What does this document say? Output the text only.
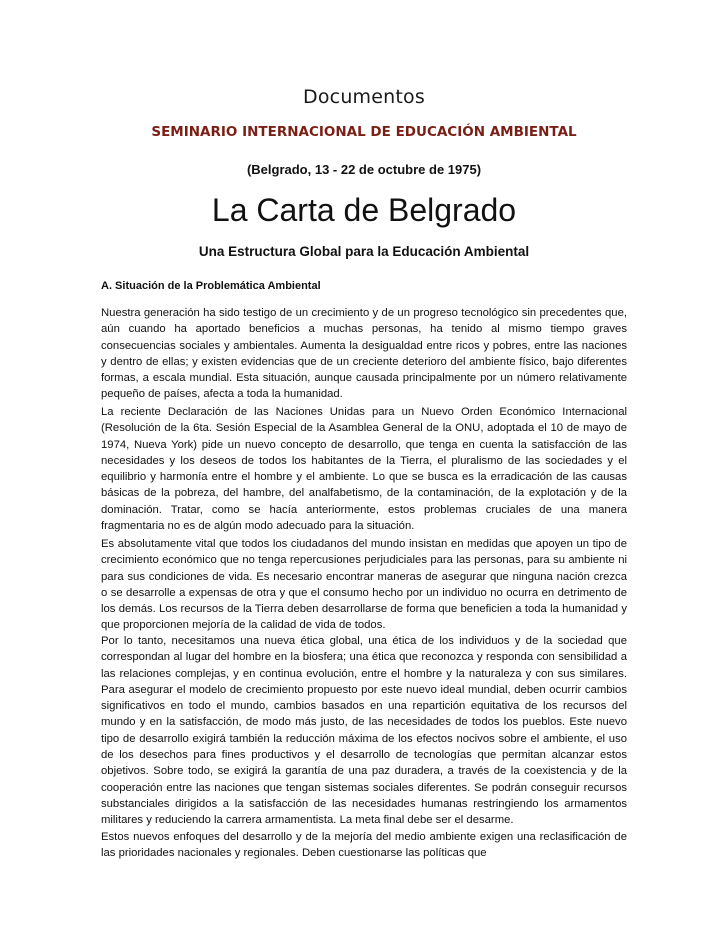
Documentos
SEMINARIO INTERNACIONAL DE EDUCACIÓN AMBIENTAL
(Belgrado, 13 - 22 de octubre de 1975)
La Carta de Belgrado
Una Estructura Global para la Educación Ambiental
A. Situación de la Problemática Ambiental

Nuestra generación ha sido testigo de un crecimiento y de un progreso tecnológico sin precedentes que, aún cuando ha aportado beneficios a muchas personas, ha tenido al mismo tiempo graves consecuencias sociales y ambientales. Aumenta la desigualdad entre ricos y pobres, entre las naciones y dentro de ellas; y existen evidencias que de un creciente deterioro del ambiente físico, bajo diferentes formas, a escala mundial. Esta situación, aunque causada principalmente por un número relativamente pequeño de países, afecta a toda la humanidad.

La reciente Declaración de las Naciones Unidas para un Nuevo Orden Económico Internacional (Resolución de la 6ta. Sesión Especial de la Asamblea General de la ONU, adoptada el 10 de mayo de 1974, Nueva York) pide un nuevo concepto de desarrollo, que tenga en cuenta la satisfacción de las necesidades y los deseos de todos los habitantes de la Tierra, el pluralismo de las sociedades y el equilibrio y harmonía entre el hombre y el ambiente. Lo que se busca es la erradicación de las causas básicas de la pobreza, del hambre, del analfabetismo, de la contaminación, de la explotación y de la dominación. Tratar, como se hacía anteriormente, estos problemas cruciales de una manera fragmentaria no es de algún modo adecuado para la situación.

Es absolutamente vital que todos los ciudadanos del mundo insistan en medidas que apoyen un tipo de crecimiento económico que no tenga repercusiones perjudiciales para las personas, para su ambiente ni para sus condiciones de vida. Es necesario encontrar maneras de asegurar que ninguna nación crezca o se desarrolle a expensas de otra y que el consumo hecho por un individuo no ocurra en detrimento de los demás. Los recursos de la Tierra deben desarrollarse de forma que beneficien a toda la humanidad y que proporcionen mejoría de la calidad de vida de todos.

Por lo tanto, necesitamos una nueva ética global, una ética de los individuos y de la sociedad que correspondan al lugar del hombre en la biosfera; una ética que reconozca y responda con sensibilidad a las relaciones complejas, y en continua evolución, entre el hombre y la naturaleza y con sus similares. Para asegurar el modelo de crecimiento propuesto por este nuevo ideal mundial, deben ocurrir cambios significativos en todo el mundo, cambios basados en una repartición equitativa de los recursos del mundo y en la satisfacción, de modo más justo, de las necesidades de todos los pueblos. Este nuevo tipo de desarrollo exigirá también la reducción máxima de los efectos nocivos sobre el ambiente, el uso de los desechos para fines productivos y el desarrollo de tecnologías que permitan alcanzar estos objetivos. Sobre todo, se exigirá la garantía de una paz duradera, a través de la coexistencia y de la cooperación entre las naciones que tengan sistemas sociales diferentes. Se podrán conseguir recursos substanciales dirigidos a la satisfacción de las necesidades humanas restringiendo los armamentos militares y reduciendo la carrera armamentista. La meta final debe ser el desarme.

Estos nuevos enfoques del desarrollo y de la mejoría del medio ambiente exigen una reclasificación de las prioridades nacionales y regionales. Deben cuestionarse las políticas que
